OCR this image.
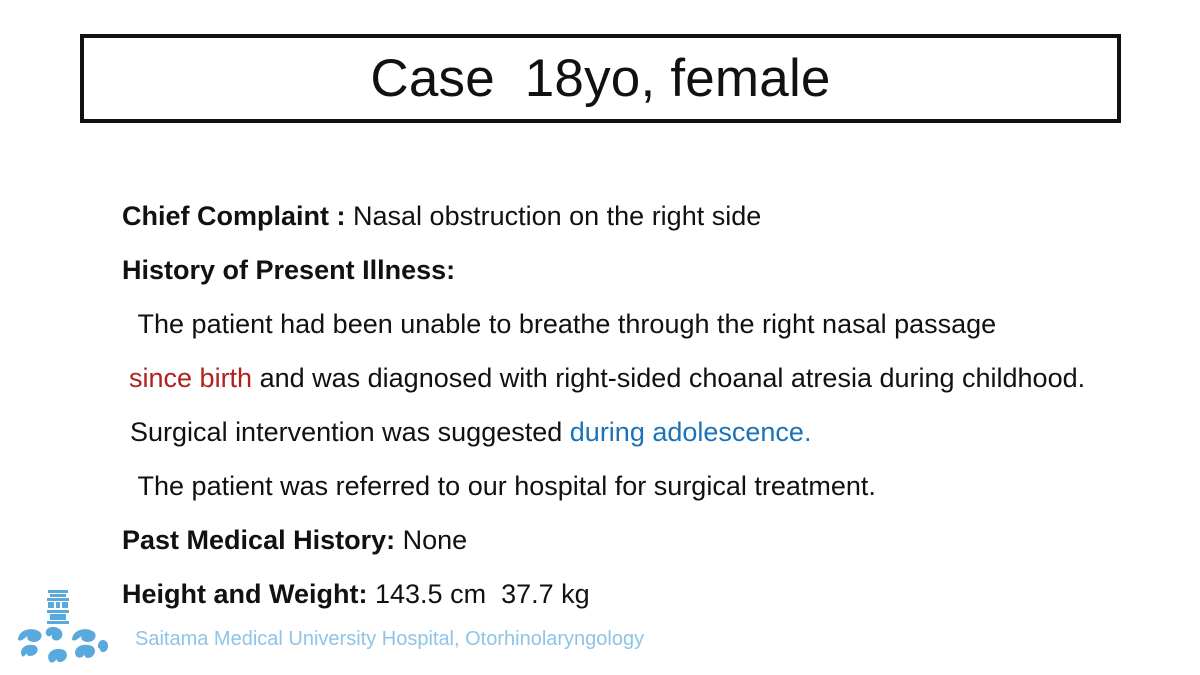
Case  18yo, female

Chief Complaint : Nasal obstruction on the right side

History of Present Illness:

The patient had been unable to breathe through the right nasal passage

since birth and was diagnosed with right-sided choanal atresia during childhood.

Surgical intervention was suggested during adolescence.

The patient was referred to our hospital for surgical treatment.

Past Medical History: None

Height and Weight: 143.5 cm  37.7 kg

Saitama Medical University Hospital, Otorhinolaryngology
